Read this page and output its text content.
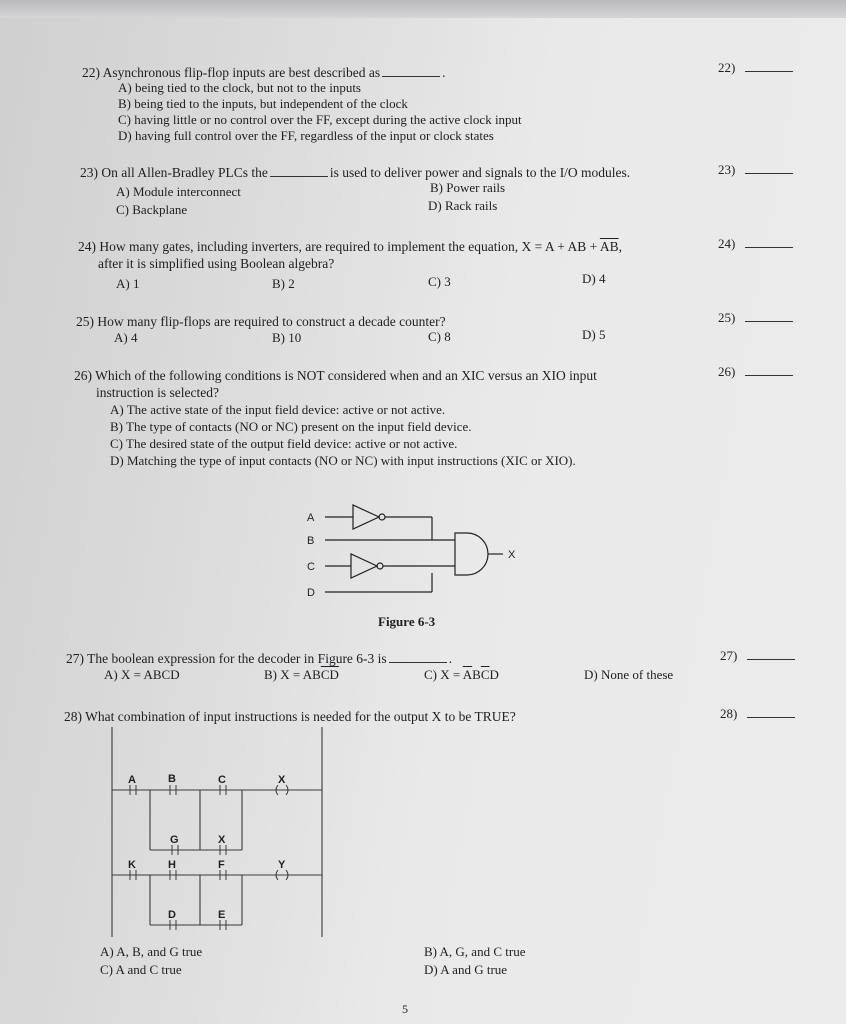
22) Asynchronous flip-flop inputs are best described as	.
A) being tied to the clock, but not to the inputs
B) being tied to the inputs, but independent of the clock
C) having little or no control over the FF, except during the active clock input
D) having full control over the FF, regardless of the input or clock states
22)
23) On all Allen-Bradley PLCs the	is used to deliver power and signals to the I/O modules.
A) Module interconnect	B) Power rails
C) Backplane	D) Rack rails
23)
24) How many gates, including inverters, are required to implement the equation, X = A + AB + $\overline{AB}$,
after it is simplified using Boolean algebra?
A) 1	B) 2	C) 3	D) 4
24)
25) How many flip-flops are required to construct a decade counter?
A) 4	B) 10	C) 8	D) 5
25)
26) Which of the following conditions is NOT considered when and an XIC versus an XIO input
instruction is selected?
A) The active state of the input field device: active or not active.
B) The type of contacts (NO or NC) present on the input field device.
C) The desired state of the output field device: active or not active.
D) Matching the type of input contacts (NO or NC) with input instructions (XIC or XIO).
26)
A
B
C
D
X
Figure 6-3
27) The boolean expression for the decoder in Figure 6-3 is	.
A) X = ABCD	B) $X = AB\overline{CD}$	C) $X = \overline{A}B\overline{C}D$	D) None of these
27)
28) What combination of input instructions is needed for the output X to be TRUE?	28)
A	B	C	X
G	X
K	H	F	Y
D	E
A) A, B, and G true	B) A, G, and C true
C) A and C true	D) A and G true
5
